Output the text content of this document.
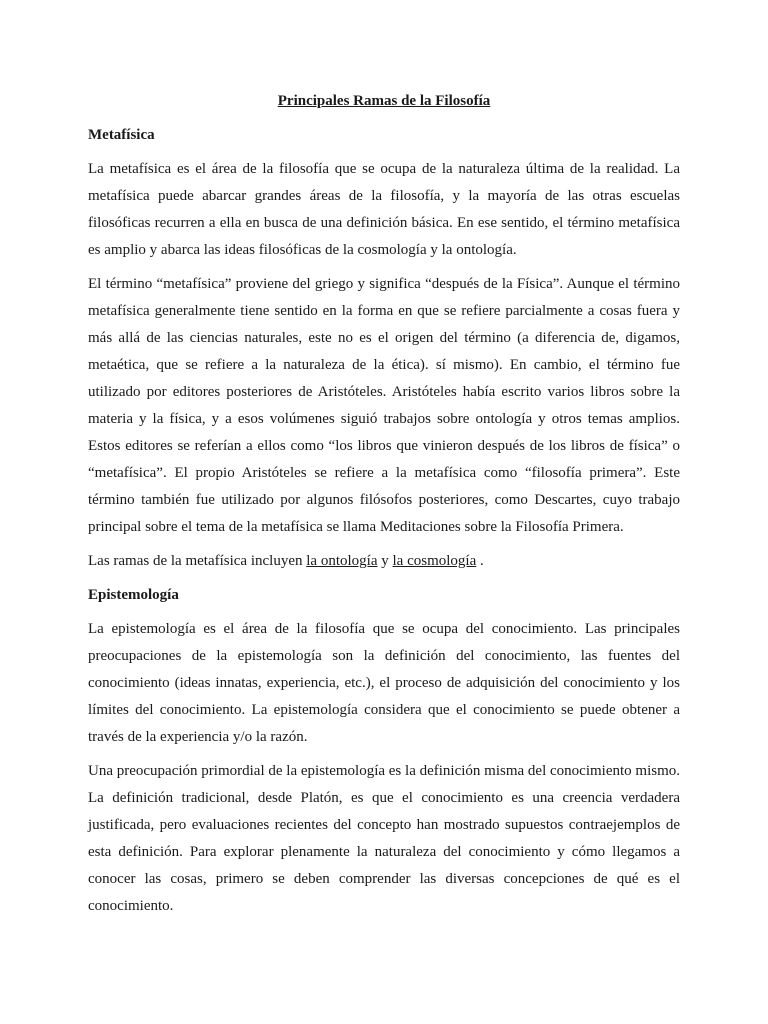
Principales Ramas de la Filosofía
Metafísica

La metafísica es el área de la filosofía que se ocupa de la naturaleza última de la realidad. La metafísica puede abarcar grandes áreas de la filosofía, y la mayoría de las otras escuelas filosóficas recurren a ella en busca de una definición básica. En ese sentido, el término metafísica es amplio y abarca las ideas filosóficas de la cosmología y la ontología.

El término “metafísica” proviene del griego y significa “después de la Física”. Aunque el término metafísica generalmente tiene sentido en la forma en que se refiere parcialmente a cosas fuera y más allá de las ciencias naturales, este no es el origen del término (a diferencia de, digamos, metaética, que se refiere a la naturaleza de la ética). sí mismo). En cambio, el término fue utilizado por editores posteriores de Aristóteles. Aristóteles había escrito varios libros sobre la materia y la física, y a esos volúmenes siguió trabajos sobre ontología y otros temas amplios. Estos editores se referían a ellos como “los libros que vinieron después de los libros de física” o “metafísica”. El propio Aristóteles se refiere a la metafísica como “filosofía primera”. Este término también fue utilizado por algunos filósofos posteriores, como Descartes, cuyo trabajo principal sobre el tema de la metafísica se llama Meditaciones sobre la Filosofía Primera.

Las ramas de la metafísica incluyen la ontología y la cosmología .

Epistemología

La epistemología es el área de la filosofía que se ocupa del conocimiento. Las principales preocupaciones de la epistemología son la definición del conocimiento, las fuentes del conocimiento (ideas innatas, experiencia, etc.), el proceso de adquisición del conocimiento y los límites del conocimiento. La epistemología considera que el conocimiento se puede obtener a través de la experiencia y/o la razón.

Una preocupación primordial de la epistemología es la definición misma del conocimiento mismo. La definición tradicional, desde Platón, es que el conocimiento es una creencia verdadera justificada, pero evaluaciones recientes del concepto han mostrado supuestos contraejemplos de esta definición. Para explorar plenamente la naturaleza del conocimiento y cómo llegamos a conocer las cosas, primero se deben comprender las diversas concepciones de qué es el conocimiento.
